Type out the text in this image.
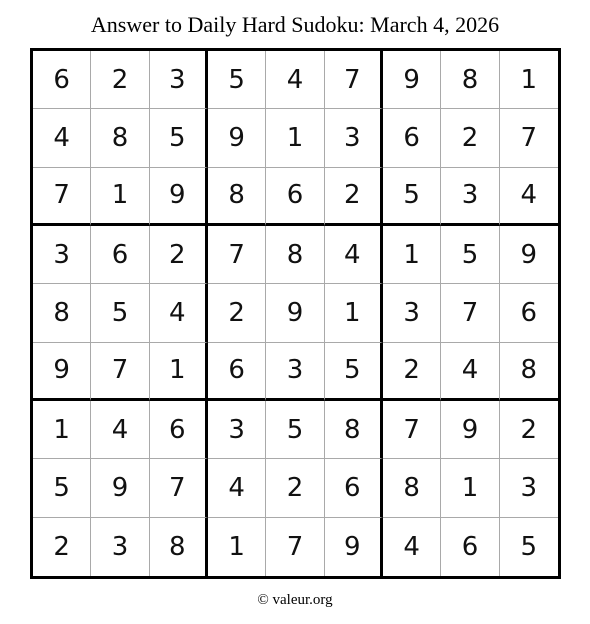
Answer to Daily Hard Sudoku: March 4, 2026
6	2	3	5	4	7	9	8	1
4	8	5	9	1	3	6	2	7
7	1	9	8	6	2	5	3	4
3	6	2	7	8	4	1	5	9
8	5	4	2	9	1	3	7	6
9	7	1	6	3	5	2	4	8
1	4	6	3	5	8	7	9	2
5	9	7	4	2	6	8	1	3
2	3	8	1	7	9	4	6	5
© valeur.org
